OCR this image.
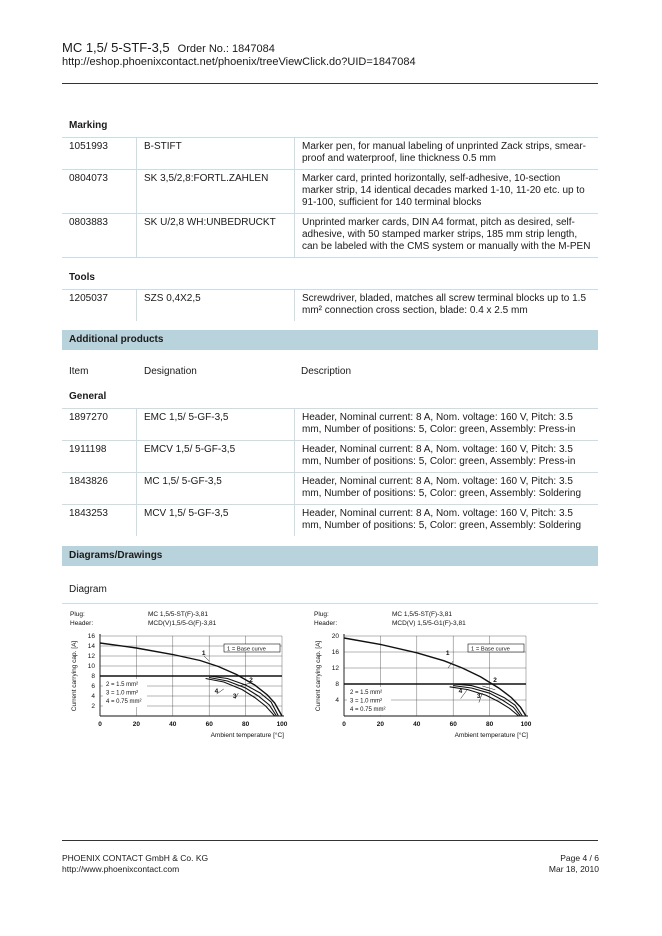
MC 1,5/ 5-STF-3,5 Order No.: 1847084
http://eshop.phoenixcontact.net/phoenix/treeViewClick.do?UID=1847084
Marking
1051993	B-STIFT	Marker pen, for manual labeling of unprinted Zack strips, smear-proof and waterproof, line thickness 0.5 mm
0804073	SK 3,5/2,8:FORTL.ZAHLEN	Marker card, printed horizontally, self-adhesive, 10-section marker strip, 14 identical decades marked 1-10, 11-20 etc. up to 91-100, sufficient for 140 terminal blocks
0803883	SK U/2,8 WH:UNBEDRUCKT	Unprinted marker cards, DIN A4 format, pitch as desired, self-adhesive, with 50 stamped marker strips, 185 mm strip length, can be labeled with the CMS system or manually with the M-PEN
Tools
1205037	SZS 0,4X2,5	Screwdriver, bladed, matches all screw terminal blocks up to 1.5 mm² connection cross section, blade: 0.4 x 2.5 mm
Additional products
Item	Designation	Description
General
1897270	EMC 1,5/ 5-GF-3,5	Header, Nominal current: 8 A, Nom. voltage: 160 V, Pitch: 3.5 mm, Number of positions: 5, Color: green, Assembly: Press-in
1911198	EMCV 1,5/ 5-GF-3,5	Header, Nominal current: 8 A, Nom. voltage: 160 V, Pitch: 3.5 mm, Number of positions: 5, Color: green, Assembly: Press-in
1843826	MC 1,5/ 5-GF-3,5	Header, Nominal current: 8 A, Nom. voltage: 160 V, Pitch: 3.5 mm, Number of positions: 5, Color: green, Assembly: Soldering
1843253	MCV 1,5/ 5-GF-3,5	Header, Nominal current: 8 A, Nom. voltage: 160 V, Pitch: 3.5 mm, Number of positions: 5, Color: green, Assembly: Soldering
Diagrams/Drawings
Diagram
Plug:	MC 1,5/5-ST(F)-3,81
Header:	MCD(V)1,5/5-G(F)-3,81
2
4
6
8
10
12
14
16
0	20	40	60	80	100
Ambient temperature [°C]
Current carrying cap. [A]	1 = Base curve
2 = 1.5 mm²
3 = 1.0 mm²
4 = 0.75 mm²
1
2
3
4
Plug:	MC 1,5/5-ST(F)-3,81
Header:	MCD(V) 1,5/5-G1(F)-3,81
4
8
12
16
20
0	20	40	60	80	100
Ambient temperature [°C]
Current carrying cap. [A]	1 = Base curve
2 = 1.5 mm²
3 = 1.0 mm²
4 = 0.75 mm²
1
2
3
4
PHOENIX CONTACT GmbH & Co. KG
http://www.phoenixcontact.com
Page 4 / 6
Mar 18, 2010
